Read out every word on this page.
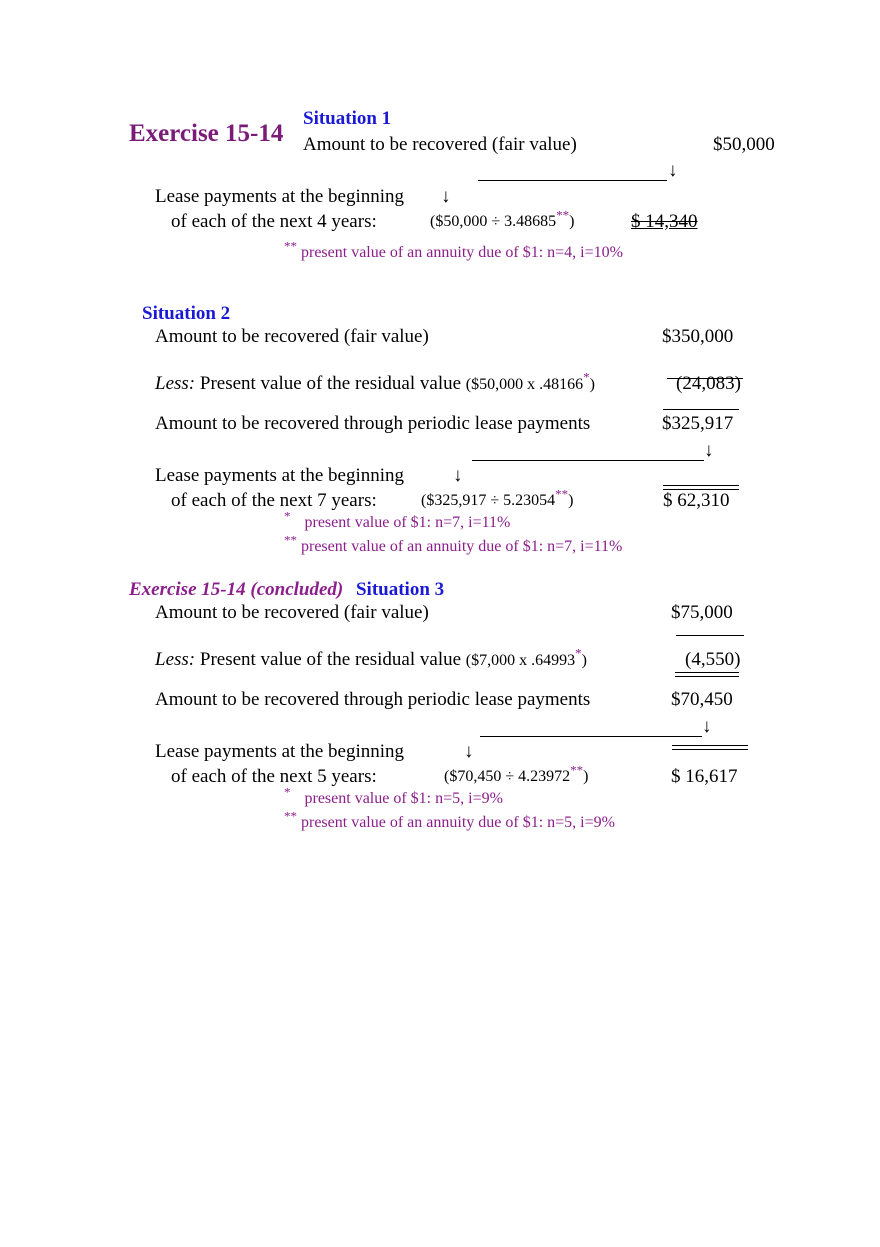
Exercise 15-14
Situation 1
Amount to be recovered (fair value)	$50,000
↓
↓
Lease payments at the beginning
of each of the next 4 years:	($50,000 ÷ 3.48685**)	$ 14,340
** present value of an annuity due of $1: n=4, i=10%
Situation 2
Amount to be recovered (fair value)	$350,000
Less: Present value of the residual value ($50,000 x .48166*)	(24,083)
Amount to be recovered through periodic lease payments	$325,917
↓
↓
Lease payments at the beginning
of each of the next 7 years:	($325,917 ÷ 5.23054**)	$ 62,310
* present value of $1: n=7, i=11%
** present value of an annuity due of $1: n=7, i=11%
Exercise 15-14 (concluded) Situation 3
Amount to be recovered (fair value)	$75,000
Less: Present value of the residual value ($7,000 x .64993*)	(4,550)
Amount to be recovered through periodic lease payments	$70,450
↓
↓
Lease payments at the beginning
of each of the next 5 years:	($70,450 ÷ 4.23972**)	$ 16,617
* present value of $1: n=5, i=9%
** present value of an annuity due of $1: n=5, i=9%
